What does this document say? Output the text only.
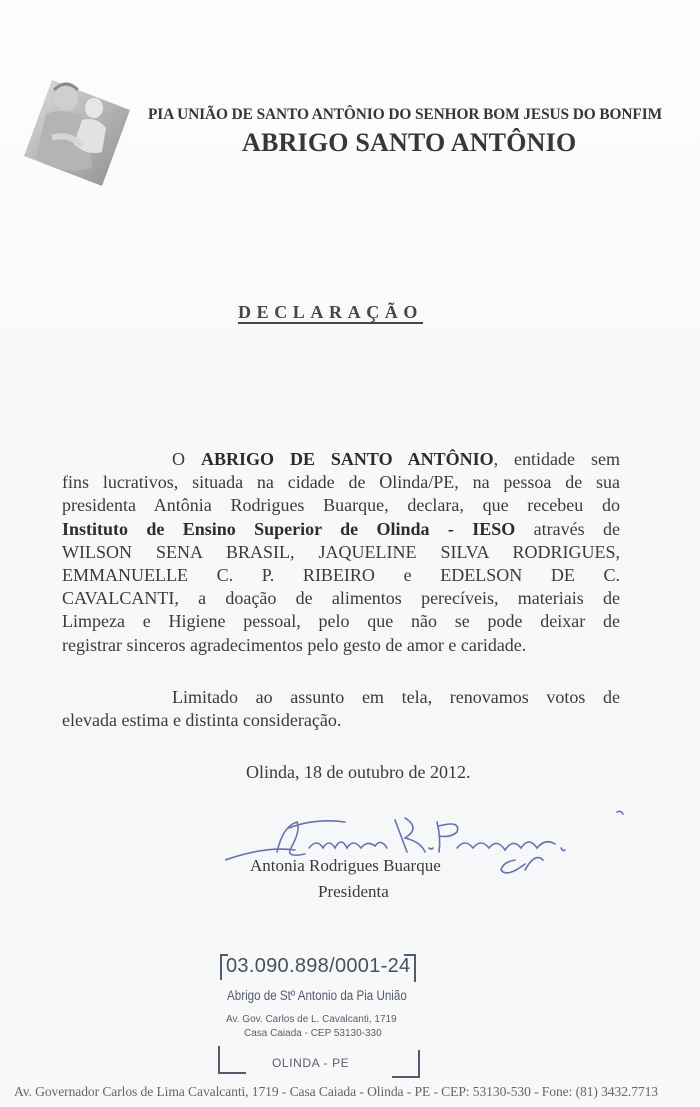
PIA UNIÃO DE SANTO ANTÔNIO DO SENHOR BOM JESUS DO BONFIM
ABRIGO SANTO ANTÔNIO
DECLARAÇÃO
O ABRIGO DE SANTO ANTÔNIO, entidade sem
fins lucrativos, situada na cidade de Olinda/PE, na pessoa de sua
presidenta Antônia Rodrigues Buarque, declara, que recebeu do
Instituto de Ensino Superior de Olinda - IESO através de
WILSON SENA BRASIL, JAQUELINE SILVA RODRIGUES,
EMMANUELLE C. P. RIBEIRO e EDELSON DE C.
CAVALCANTI, a doação de alimentos perecíveis, materiais de
Limpeza e Higiene pessoal, pelo que não se pode deixar de
registrar sinceros agradecimentos pelo gesto de amor e caridade.
Limitado ao assunto em tela, renovamos votos de
elevada estima e distinta consideração.
Olinda, 18 de outubro de 2012.
Antonia Rodrigues Buarque
Presidenta
03.090.898/0001-24
Abrigo de Stº Antonio da Pia União
Av. Gov. Carlos de L. Cavalcanti, 1719
Casa Caiada - CEP 53130-330
OLINDA - PE
Av. Governador Carlos de Lima Cavalcanti, 1719 - Casa Caiada - Olinda - PE - CEP: 53130-530 - Fone: (81) 3432.7713
